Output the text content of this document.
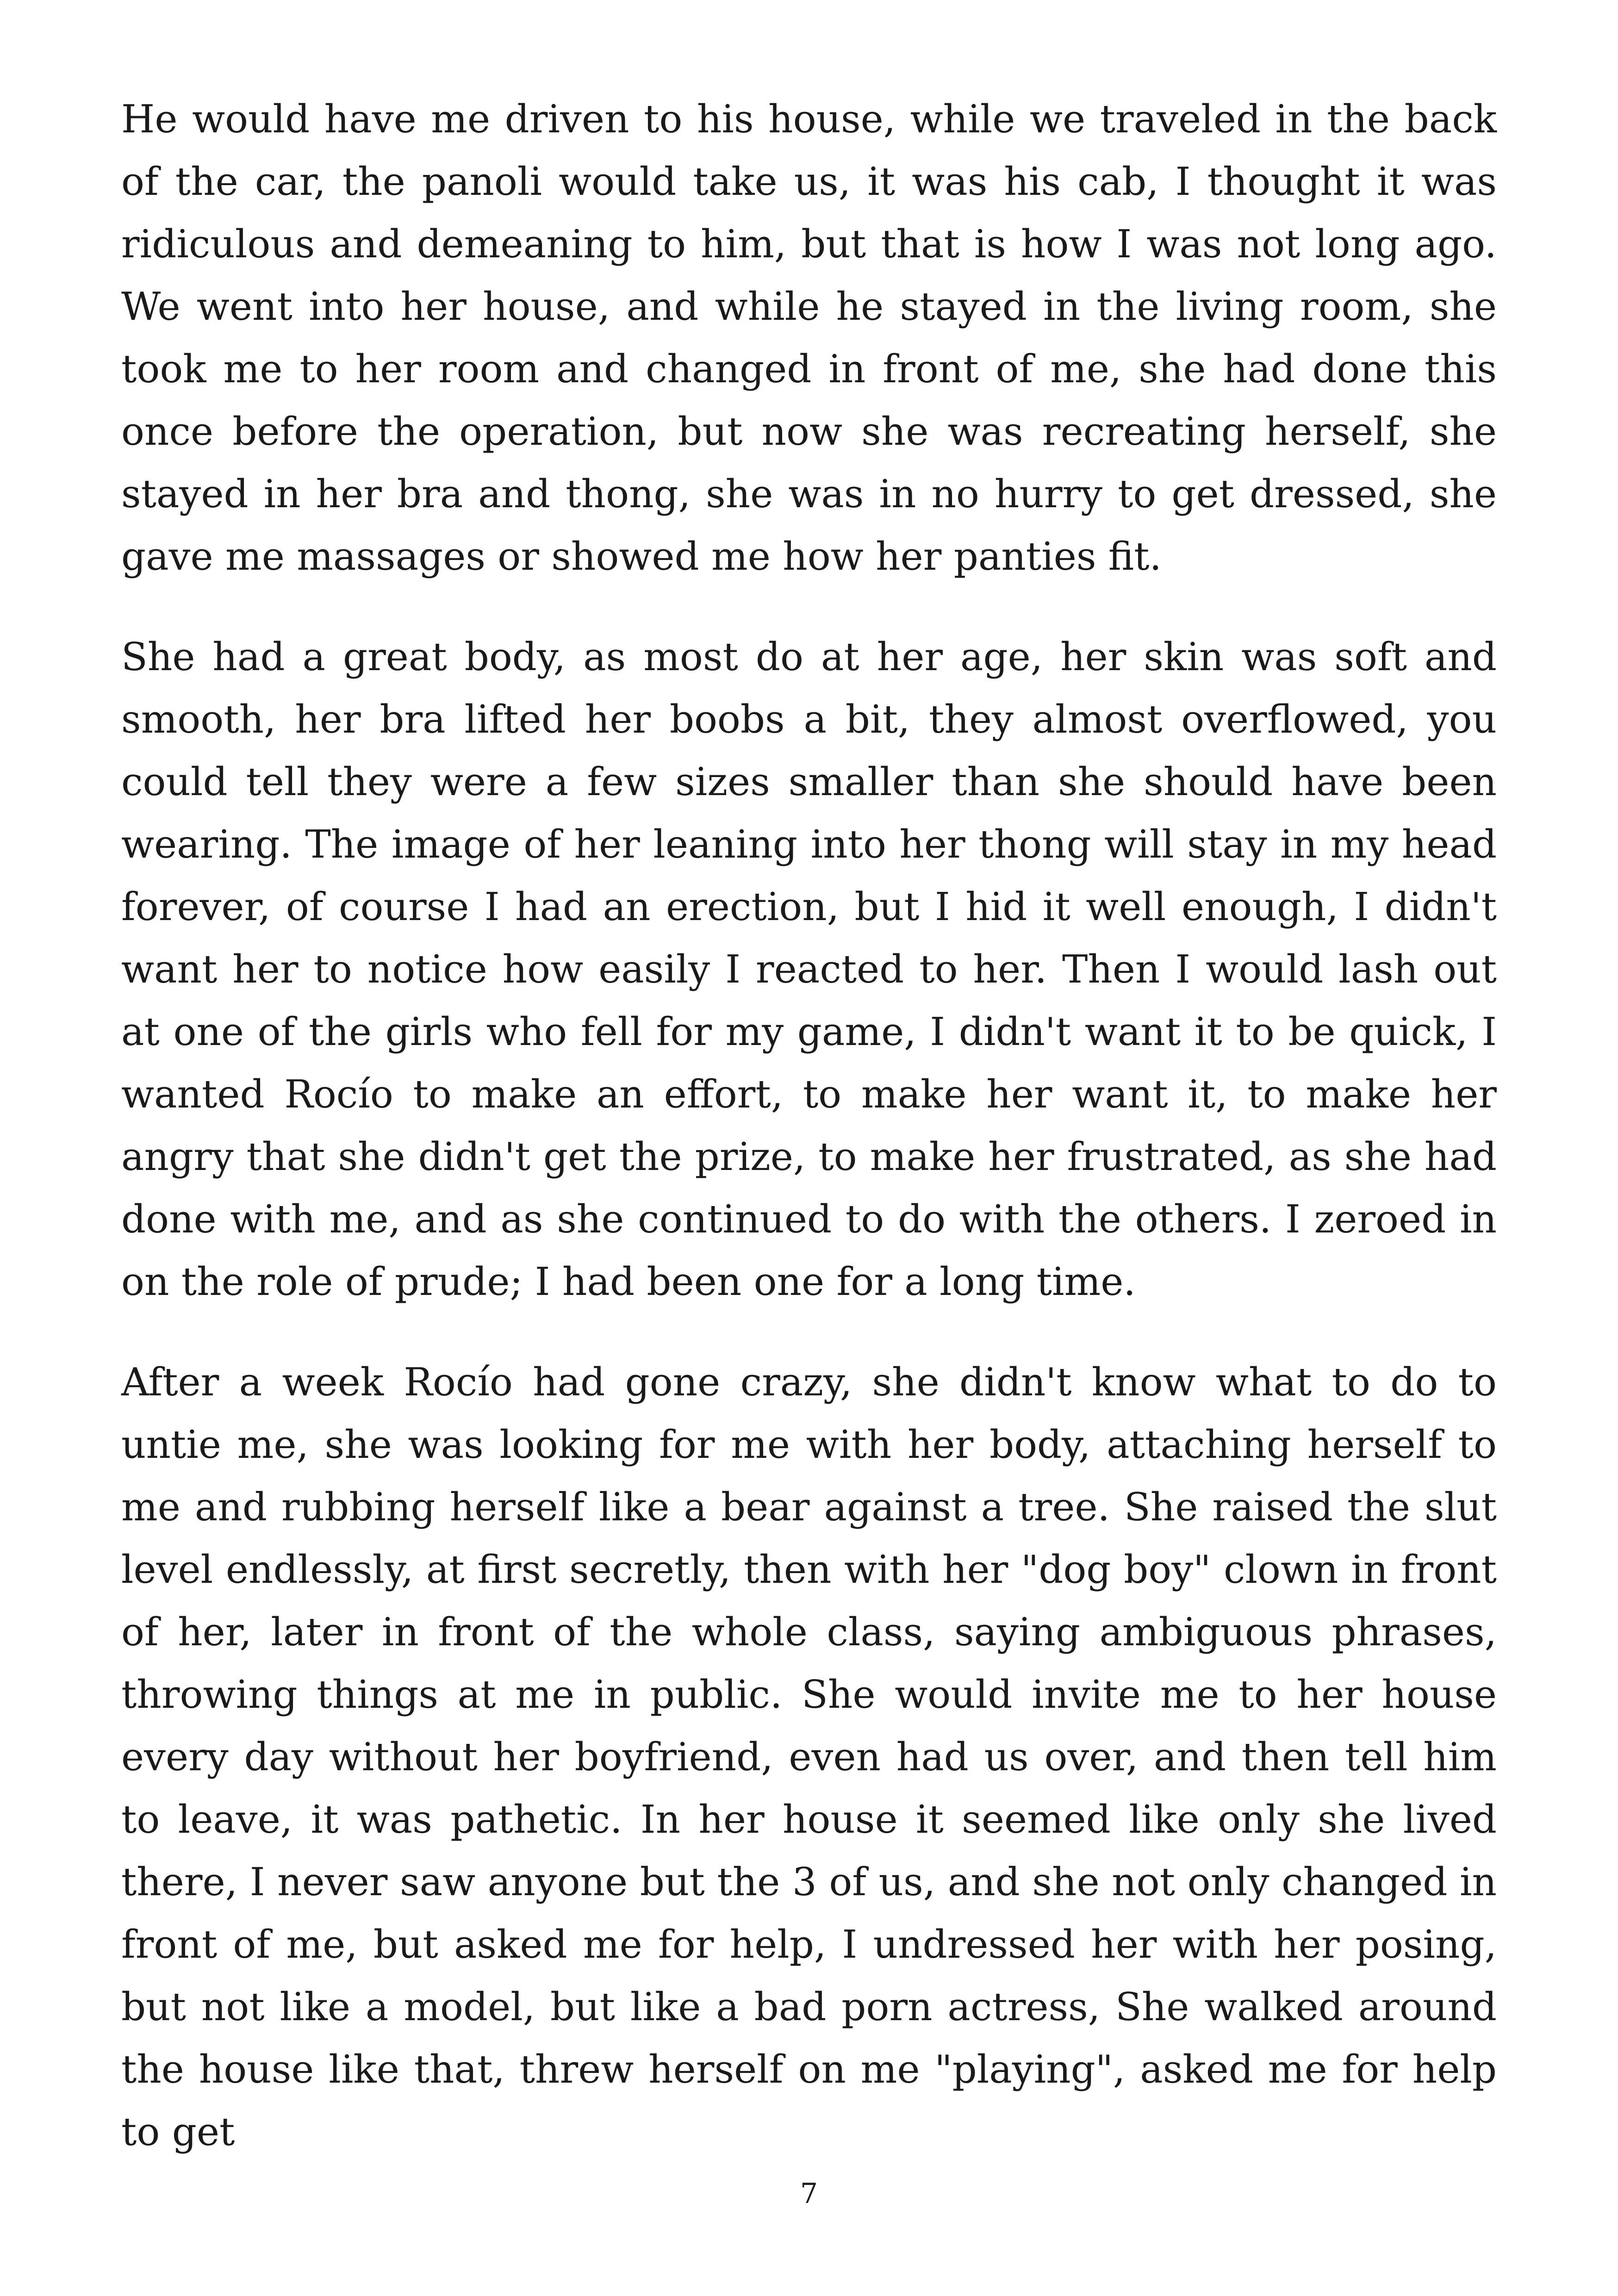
He would have me driven to his house, while we traveled in the back of the car, the panoli would take us, it was his cab, I thought it was ridiculous and demeaning to him, but that is how I was not long ago. We went into her house, and while he stayed in the living room, she took me to her room and changed in front of me, she had done this once before the operation, but now she was recreating herself, she stayed in her bra and thong, she was in no hurry to get dressed, she gave me massages or showed me how her panties fit.

She had a great body, as most do at her age, her skin was soft and smooth, her bra lifted her boobs a bit, they almost overflowed, you could tell they were a few sizes smaller than she should have been wearing. The image of her leaning into her thong will stay in my head forever, of course I had an erection, but I hid it well enough, I didn't want her to notice how easily I reacted to her. Then I would lash out at one of the girls who fell for my game, I didn't want it to be quick, I wanted Rocío to make an effort, to make her want it, to make her angry that she didn't get the prize, to make her frustrated, as she had done with me, and as she continued to do with the others. I zeroed in on the role of prude; I had been one for a long time.

After a week Rocío had gone crazy, she didn't know what to do to untie me, she was looking for me with her body, attaching herself to me and rubbing herself like a bear against a tree. She raised the slut level endlessly, at first secretly, then with her "dog boy" clown in front of her, later in front of the whole class, saying ambiguous phrases, throwing things at me in public. She would invite me to her house every day without her boyfriend, even had us over, and then tell him to leave, it was pathetic. In her house it seemed like only she lived there, I never saw anyone but the 3 of us, and she not only changed in front of me, but asked me for help, I undressed her with her posing, but not like a model, but like a bad porn actress, She walked around the house like that, threw herself on me "playing", asked me for help to get

7
